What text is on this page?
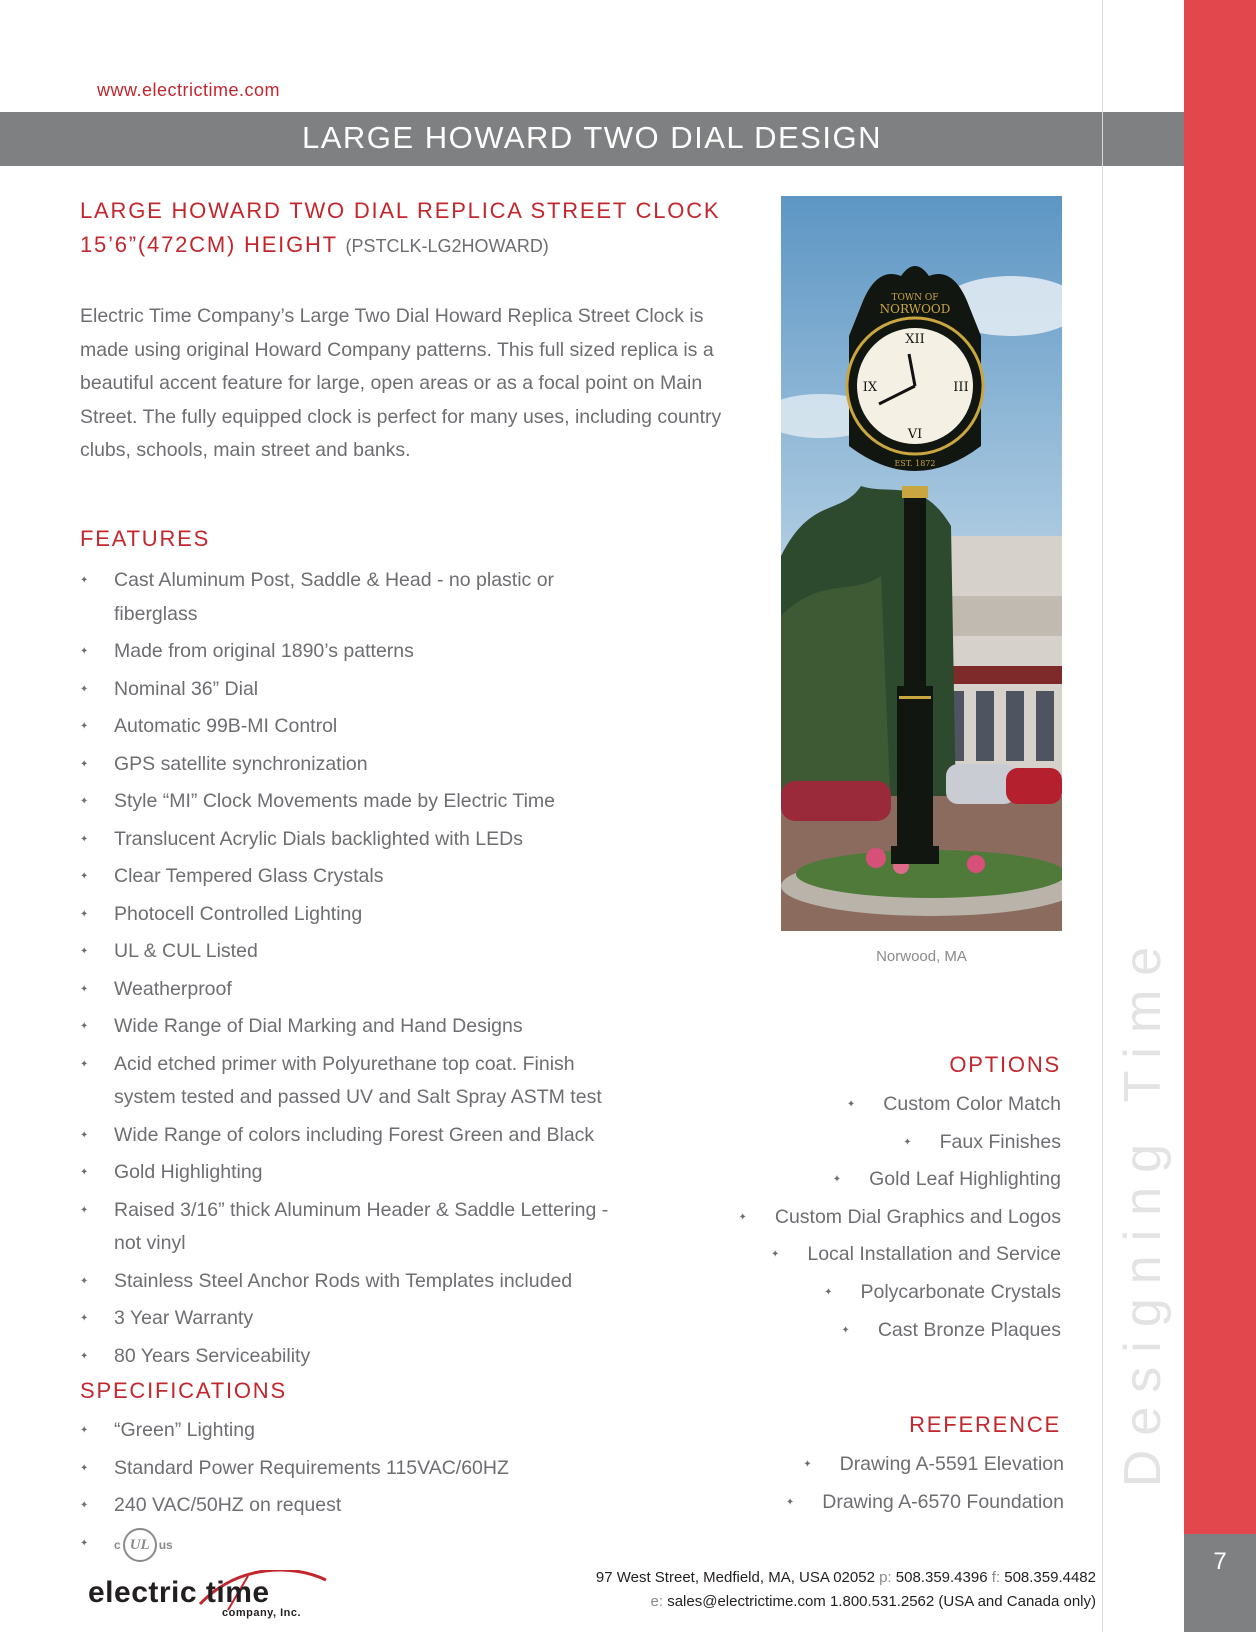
www.electrictime.com
LARGE HOWARD TWO DIAL DESIGN
Designing Time
7
LARGE HOWARD TWO DIAL REPLICA STREET CLOCK
15’6”(472CM) HEIGHT (PSTCLK-LG2HOWARD)

Electric Time Company’s Large Two Dial Howard Replica Street Clock is made using original Howard Company patterns. This full sized replica is a beautiful accent feature for large, open areas or as a focal point on Main Street. The fully equipped clock is perfect for many uses, including country clubs, schools, main street and banks.

FEATURES
✦ Cast Aluminum Post, Saddle & Head - no plastic or fiberglass
✦ Made from original 1890’s patterns
✦ Nominal 36” Dial
✦ Automatic 99B-MI Control
✦ GPS satellite synchronization
✦ Style “MI” Clock Movements made by Electric Time
✦ Translucent Acrylic Dials backlighted with LEDs
✦ Clear Tempered Glass Crystals
✦ Photocell Controlled Lighting
✦ UL & CUL Listed
✦ Weatherproof
✦ Wide Range of Dial Marking and Hand Designs
✦ Acid etched primer with Polyurethane top coat. Finish system tested and passed UV and Salt Spray ASTM test
✦ Wide Range of colors including Forest Green and Black
✦ Gold Highlighting
✦ Raised 3/16” thick Aluminum Header & Saddle Lettering - not vinyl
✦ Stainless Steel Anchor Rods with Templates included
✦ 3 Year Warranty
✦ 80 Years Serviceability
SPECIFICATIONS
✦ “Green” Lighting
✦ Standard Power Requirements 115VAC/60HZ
✦ 240 VAC/50HZ on request
✦ c UL us
XII
III
VI
IX
TOWN OF
NORWOOD
EST. 1872
Norwood, MA
OPTIONS
✦ Custom Color Match
✦ Faux Finishes
✦ Gold Leaf Highlighting
✦ Custom Dial Graphics and Logos
✦ Local Installation and Service
✦ Polycarbonate Crystals
✦ Cast Bronze Plaques
REFERENCE
✦ Drawing A-5591 Elevation
✦ Drawing A-6570 Foundation
electric time
company, Inc.
97 West Street, Medfield, MA, USA 02052 p: 508.359.4396 f: 508.359.4482
e: sales@electrictime.com 1.800.531.2562 (USA and Canada only)
